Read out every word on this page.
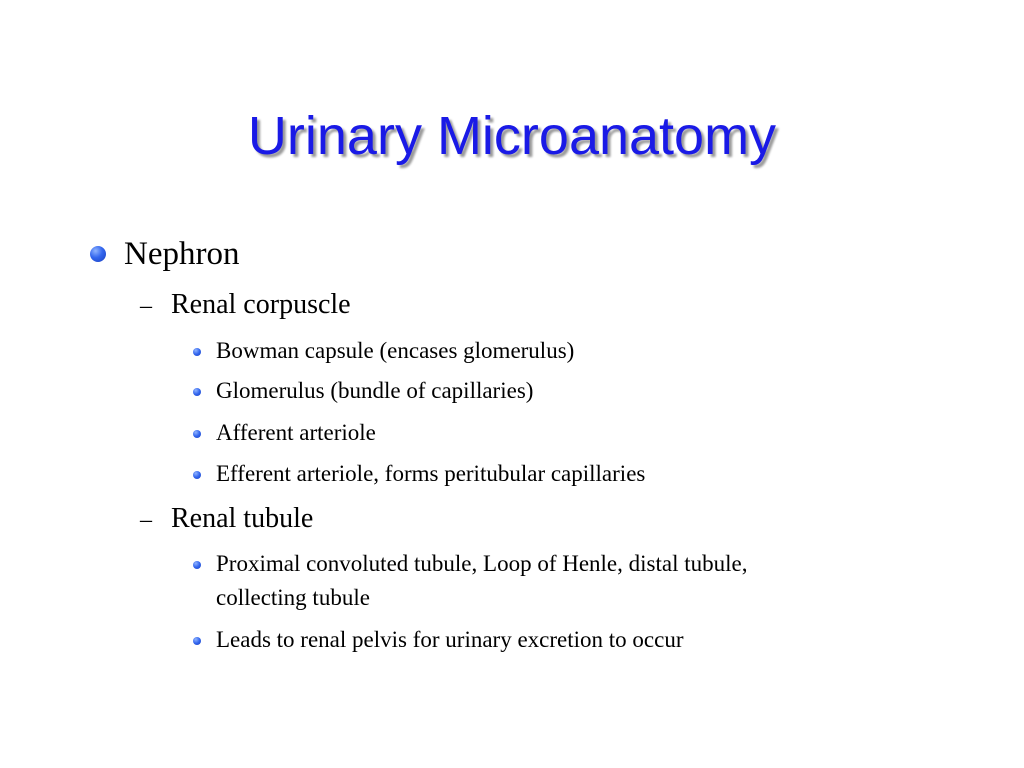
Urinary Microanatomy
Nephron
– Renal corpuscle
Bowman capsule (encases glomerulus)
Glomerulus (bundle of capillaries)
Afferent arteriole
Efferent arteriole, forms peritubular capillaries
– Renal tubule
Proximal convoluted tubule, Loop of Henle, distal tubule,
collecting tubule
Leads to renal pelvis for urinary excretion to occur
